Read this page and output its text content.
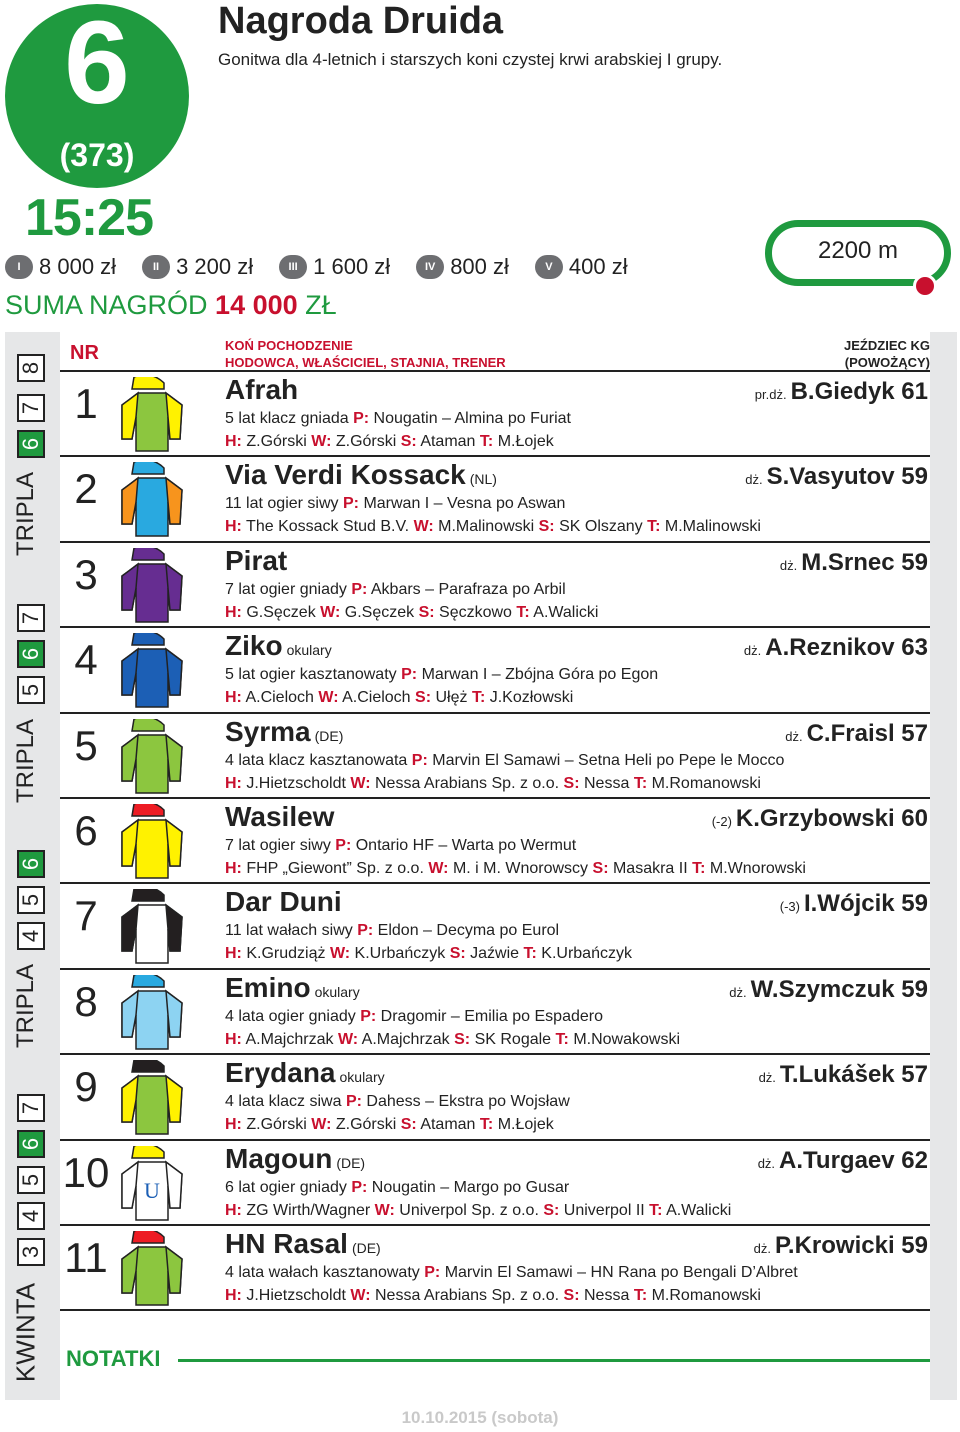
6
(373)
15:25
Nagroda Druida
Gonitwa dla 4-letnich i starszych koni czystej krwi arabskiej I grupy.
I 8 000 zł	II 3 200 zł	III 1 600 zł	IV 800 zł	V 400 zł
SUMA NAGRÓD 14 000 ZŁ
2200 m
8
7
6
TRIPLA
7
6
5
TRIPLA
6
5
4
TRIPLA
7
6
5
4
3
KWINTA
NR	KOŃ POCHODZENIE
HODOWCA, WŁAŚCICIEL, STAJNIA, TRENER
JEŹDZIEC KG
(POWOŻĄCY)
1	Afrah
5 lat klacz gniada P: Nougatin – Almina po Furiat
H: Z.Górski W: Z.Górski S: Ataman T: M.Łojek
pr.dż. B.Giedyk 61
2	Via Verdi Kossack (NL)
11 lat ogier siwy P: Marwan I – Vesna po Aswan
H: The Kossack Stud B.V. W: M.Malinowski S: SK Olszany T: M.Malinowski
dż. S.Vasyutov 59
3	Pirat
7 lat ogier gniady P: Akbars – Parafraza po Arbil
H: G.Sęczek W: G.Sęczek S: Sęczkowo T: A.Walicki
dż. M.Srnec 59
4	Ziko okulary
5 lat ogier kasztanowaty P: Marwan I – Zbójna Góra po Egon
H: A.Cieloch W: A.Cieloch S: Ułęż T: J.Kozłowski
dż. A.Reznikov 63
5	Syrma (DE)
4 lata klacz kasztanowata P: Marvin El Samawi – Setna Heli po Pepe le Mocco
H: J.Hietzscholdt W: Nessa Arabians Sp. z o.o. S: Nessa T: M.Romanowski
dż. C.Fraisl 57
6	Wasilew
7 lat ogier siwy P: Ontario HF – Warta po Wermut
H: FHP „Giewont” Sp. z o.o. W: M. i M. Wnorowscy S: Masakra II T: M.Wnorowski
(-2) K.Grzybowski 60
7	Dar Duni
11 lat wałach siwy P: Eldon – Decyma po Eurol
H: K.Grudziąż W: K.Urbańczyk S: Jaźwie T: K.Urbańczyk
(-3) I.Wójcik 59
8	Emino okulary
4 lata ogier gniady P: Dragomir – Emilia po Espadero
H: A.Majchrzak W: A.Majchrzak S: SK Rogale T: M.Nowakowski
dż. W.Szymczuk 59
9	Erydana okulary
4 lata klacz siwa P: Dahess – Ekstra po Wojsław
H: Z.Górski W: Z.Górski S: Ataman T: M.Łojek
dż. T.Lukášek 57
10 U
Magoun (DE)
6 lat ogier gniady P: Nougatin – Margo po Gusar
H: ZG Wirth/Wagner W: Univerpol Sp. z o.o. S: Univerpol II T: A.Walicki
dż. A.Turgaev 62
11	HN Rasal (DE)
4 lata wałach kasztanowaty P: Marvin El Samawi – HN Rana po Bengali D’Albret
H: J.Hietzscholdt W: Nessa Arabians Sp. z o.o. S: Nessa T: M.Romanowski
dż. P.Krowicki 59
NOTATKI
10.10.2015 (sobota)
